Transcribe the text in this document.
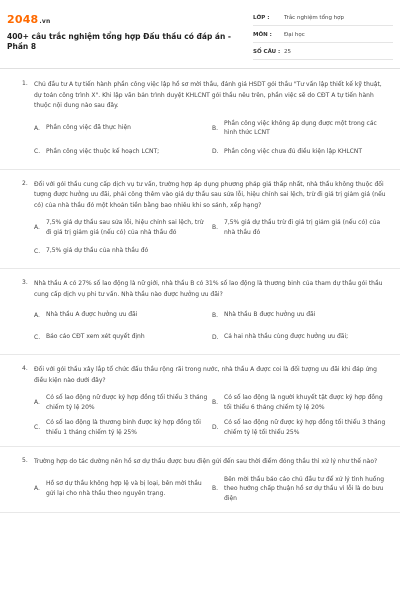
2048.vn
400+ câu trắc nghiệm tổng hợp Đấu thầu có đáp án - Phần 8
LỚP :	Trắc nghiệm tổng hợp
MÔN : Đại học
SỐ CÂU : 25
1. Chủ đầu tư A tự tiến hành phần công việc lập hồ sơ mời thầu, đánh giá HSDT gói thầu "Tư vấn lập thiết kế kỹ thuật, dự toán công trình X". Khi lập văn bản trình duyệt KHLCNT gói thầu nêu trên, phần việc sẽ do CĐT A tự tiến hành thuộc nội dung nào sau đây.
A.	Phần công việc đã thực hiện	B.
Phần công việc không áp dụng được một trong các hình thức LCNT
C. Phần công việc thuộc kế hoạch LCNT;	D. Phần công việc chưa đủ điều kiện lập KHLCNT
2. Đối với gói thầu cung cấp dịch vụ tư vấn, trường hợp áp dụng phương pháp giá thấp nhất, nhà thầu không thuộc đối tượng được hưởng ưu đãi, phải công thêm vào giá dự thầu sau sửa lỗi, hiệu chỉnh sai lệch, trừ đi giá trị giảm giá (nếu có) của nhà thầu đó một khoản tiền bằng bao nhiêu khi so sánh, xếp hạng?
A.
7,5% giá dự thầu sau sửa lỗi, hiệu chỉnh sai lệch, trừ đi giá trị giảm giá (nếu có) của nhà thầu đó
B.
7,5% giá dự thầu trừ đi giá trị giảm giá (nếu có) của nhà thầu đó
C. 7,5% giá dự thầu của nhà thầu đó
3. Nhà thầu A có 27% số lao động là nữ giới, nhà thầu B có 31% số lao động là thương binh của tham dự thầu gói thầu cung cấp dịch vụ phi tư vấn. Nhà thầu nào được hưởng ưu đãi?
A.	Nhà thầu A được hưởng ưu đãi	B. Nhà thầu B được hưởng ưu đãi
C. Báo cáo CĐT xem xét quyết định	D. Cả hai nhà thầu cùng được hưởng ưu đãi;
4. Đối với gói thầu xây lắp tổ chức đấu thầu rộng rãi trong nước, nhà thầu A được coi là đối tượng ưu đãi khi đáp ứng điều kiện nào dưới đây?
A.
Có số lao động nữ được ký hợp đồng tối thiểu 3 tháng chiếm tỷ lệ 20%
B.
Có số lao động là người khuyết tật được ký hợp đồng tối thiểu 6 tháng chiếm tỷ lệ 20%
C.
Có số lao động là thương binh được ký hợp đồng tối thiểu 1 tháng chiếm tỷ lệ 25%
D.
Có số lao động nữ được ký hợp đồng tối thiểu 3 tháng chiếm tỷ lệ tối thiểu 25%
5. Trường hợp do tác dường nên hồ sơ dự thầu được bưu điện gửi đến sau thời điểm đóng thầu thì xử lý như thế nào?
A.
Hồ sơ dự thầu không hợp lệ và bị loại, bên mời thầu gửi lại cho nhà thầu theo nguyên trạng.
B.
Bên mời thầu báo cáo chủ đầu tư để xử lý tình huống theo hướng chấp thuận hồ sơ dự thầu vì lỗi là do bưu điện
